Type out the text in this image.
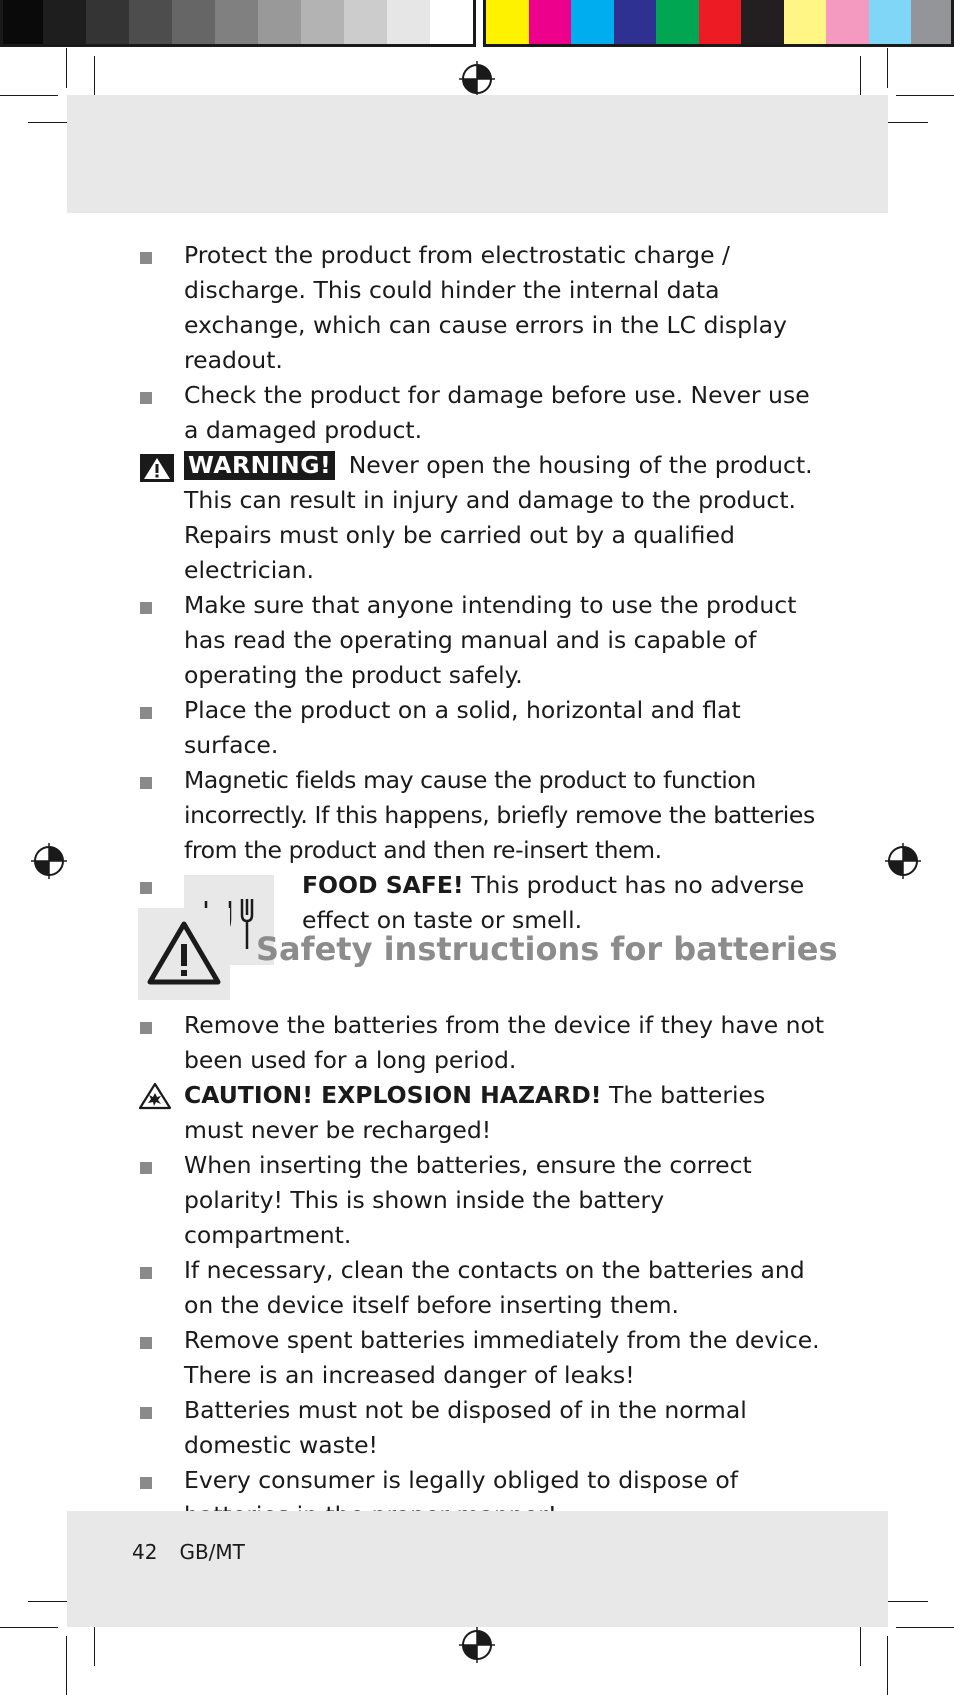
Protect the product from electrostatic charge / discharge. This could hinder the internal data exchange, which can cause errors in the LC display readout.

Check the product for damage before use. Never use a damaged product.

WARNING! Never open the housing of the product. This can result in injury and damage to the product. Repairs must only be carried out by a qualified electrician.

Make sure that anyone intending to use the product has read the operating manual and is capable of operating the product safely.

Place the product on a solid, horizontal and flat surface.

Magnetic fields may cause the product to function incorrectly. If this happens, briefly remove the batteries from the product and then re-insert them.

FOOD SAFE! This product has no adverse effect on taste or smell.
Safety instructions for batteries

Remove the batteries from the device if they have not been used for a long period.

CAUTION! EXPLOSION HAZARD! The batteries must never be recharged!

When inserting the batteries, ensure the correct polarity! This is shown inside the battery compartment.

If necessary, clean the contacts on the batteries and on the device itself before inserting them.

Remove spent batteries immediately from the device. There is an increased danger of leaks!

Batteries must not be disposed of in the normal domestic waste!

Every consumer is legally obliged to dispose of

42 GB/MT
